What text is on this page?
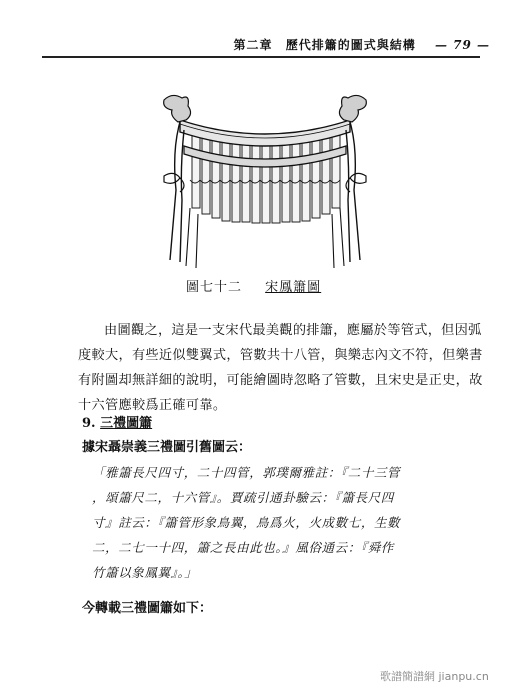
第二章 歷代排簫的圖式與結構 — 79 —
圖七十二 宋鳳簫圖
由圖觀之，這是一支宋代最美觀的排簫，應屬於等管式，但因弧
度較大，有些近似雙翼式，管數共十八管，與樂志內文不符，但樂書
有附圖却無詳細的說明，可能繪圖時忽略了管數，且宋史是正史，故
十六管應較爲正確可靠。
9. 三禮圖簫
據宋聶崇義三禮圖引舊圖云：
「雅簫長尺四寸，二十四管，郭璞爾雅註：『二十三管
，頌簫尺二，十六管』。賈疏引通卦驗云：『簫長尺四
寸』註云：『簫管形象鳥翼，鳥爲火，火成數七，生數
二，二七一十四，簫之長由此也。』風俗通云：『舜作
竹簫以象鳳翼』。」
今轉載三禮圖簫如下：
歌譜簡譜網 jianpu.cn
